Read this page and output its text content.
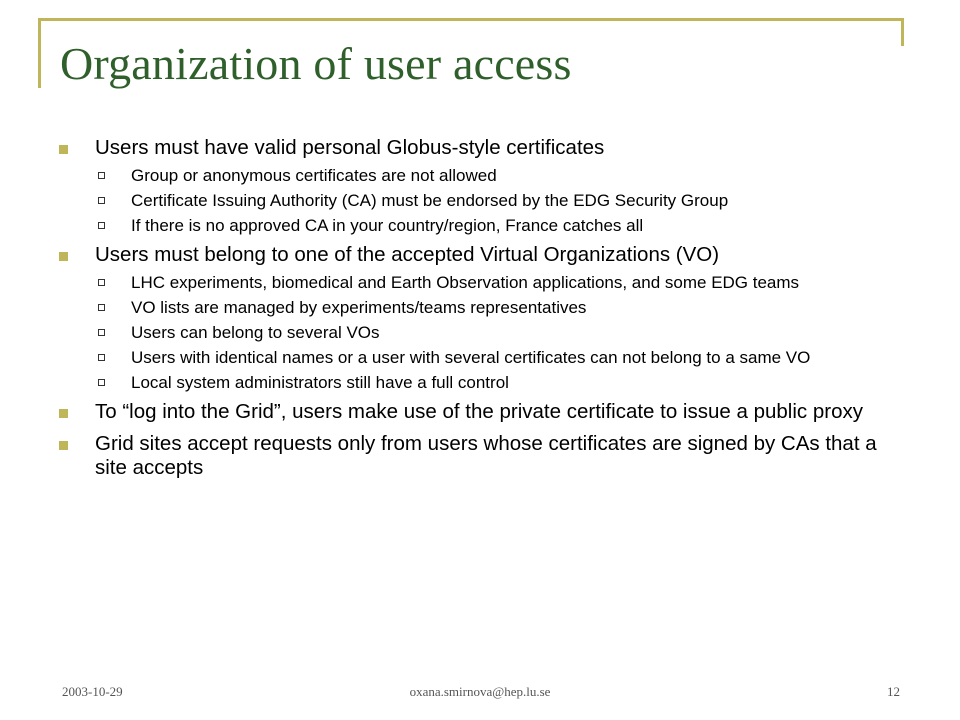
Organization of user access
Users must have valid personal Globus-style certificates
Group or anonymous certificates are not allowed
Certificate Issuing Authority (CA) must be endorsed by the EDG Security Group
If there is no approved CA in your country/region, France catches all
Users must belong to one of the accepted Virtual Organizations (VO)
LHC experiments, biomedical and Earth Observation applications, and some EDG teams
VO lists are managed by experiments/teams representatives
Users can belong to several VOs
Users with identical names or a user with several certificates can not belong to a same VO
Local system administrators still have a full control
To “log into the Grid”, users make use of the private certificate to issue a public proxy
Grid sites accept requests only from users whose certificates are signed by CAs that a site accepts
2003-10-29	oxana.smirnova@hep.lu.se	12
